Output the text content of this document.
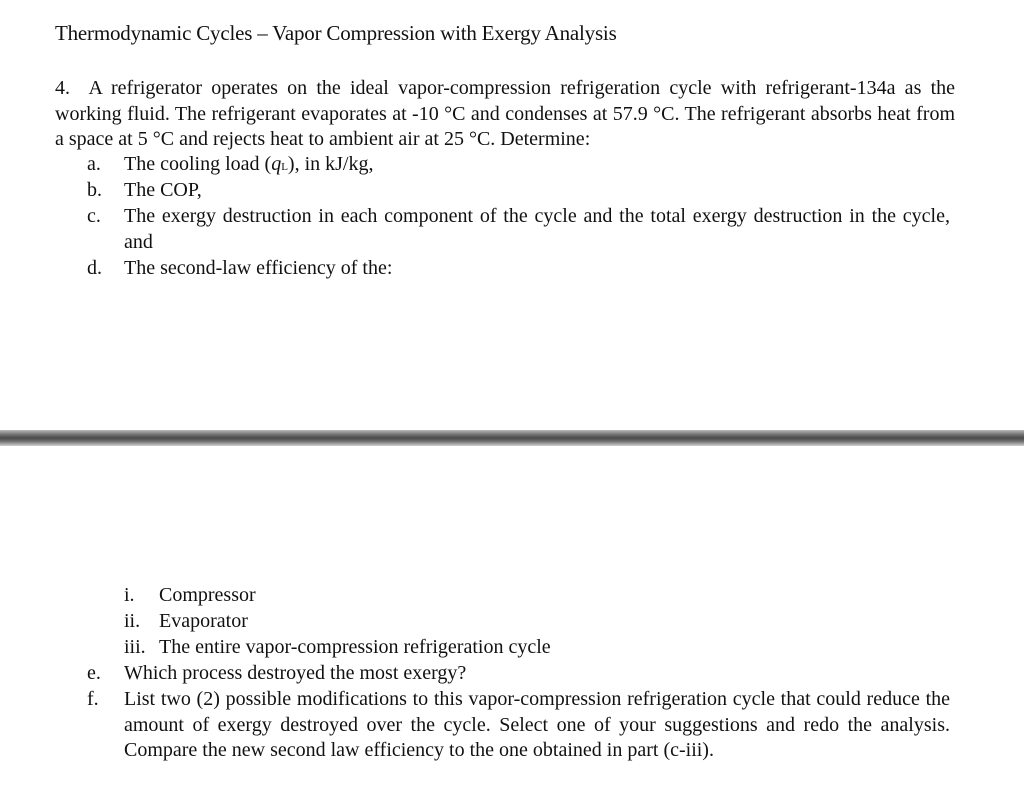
Thermodynamic Cycles – Vapor Compression with Exergy Analysis
4. A refrigerator operates on the ideal vapor-compression refrigeration cycle with refrigerant-134a as the working fluid. The refrigerant evaporates at -10 °C and condenses at 57.9 °C. The refrigerant absorbs heat from a space at 5 °C and rejects heat to ambient air at 25 °C. Determine:
a. The cooling load (qL), in kJ/kg,
b. The COP,
c. The exergy destruction in each component of the cycle and the total exergy destruction in the cycle, and
d. The second-law efficiency of the:
i. Compressor
ii. Evaporator
iii. The entire vapor-compression refrigeration cycle
e. Which process destroyed the most exergy?
f. List two (2) possible modifications to this vapor-compression refrigeration cycle that could reduce the amount of exergy destroyed over the cycle. Select one of your suggestions and redo the analysis. Compare the new second law efficiency to the one obtained in part (c-iii).
